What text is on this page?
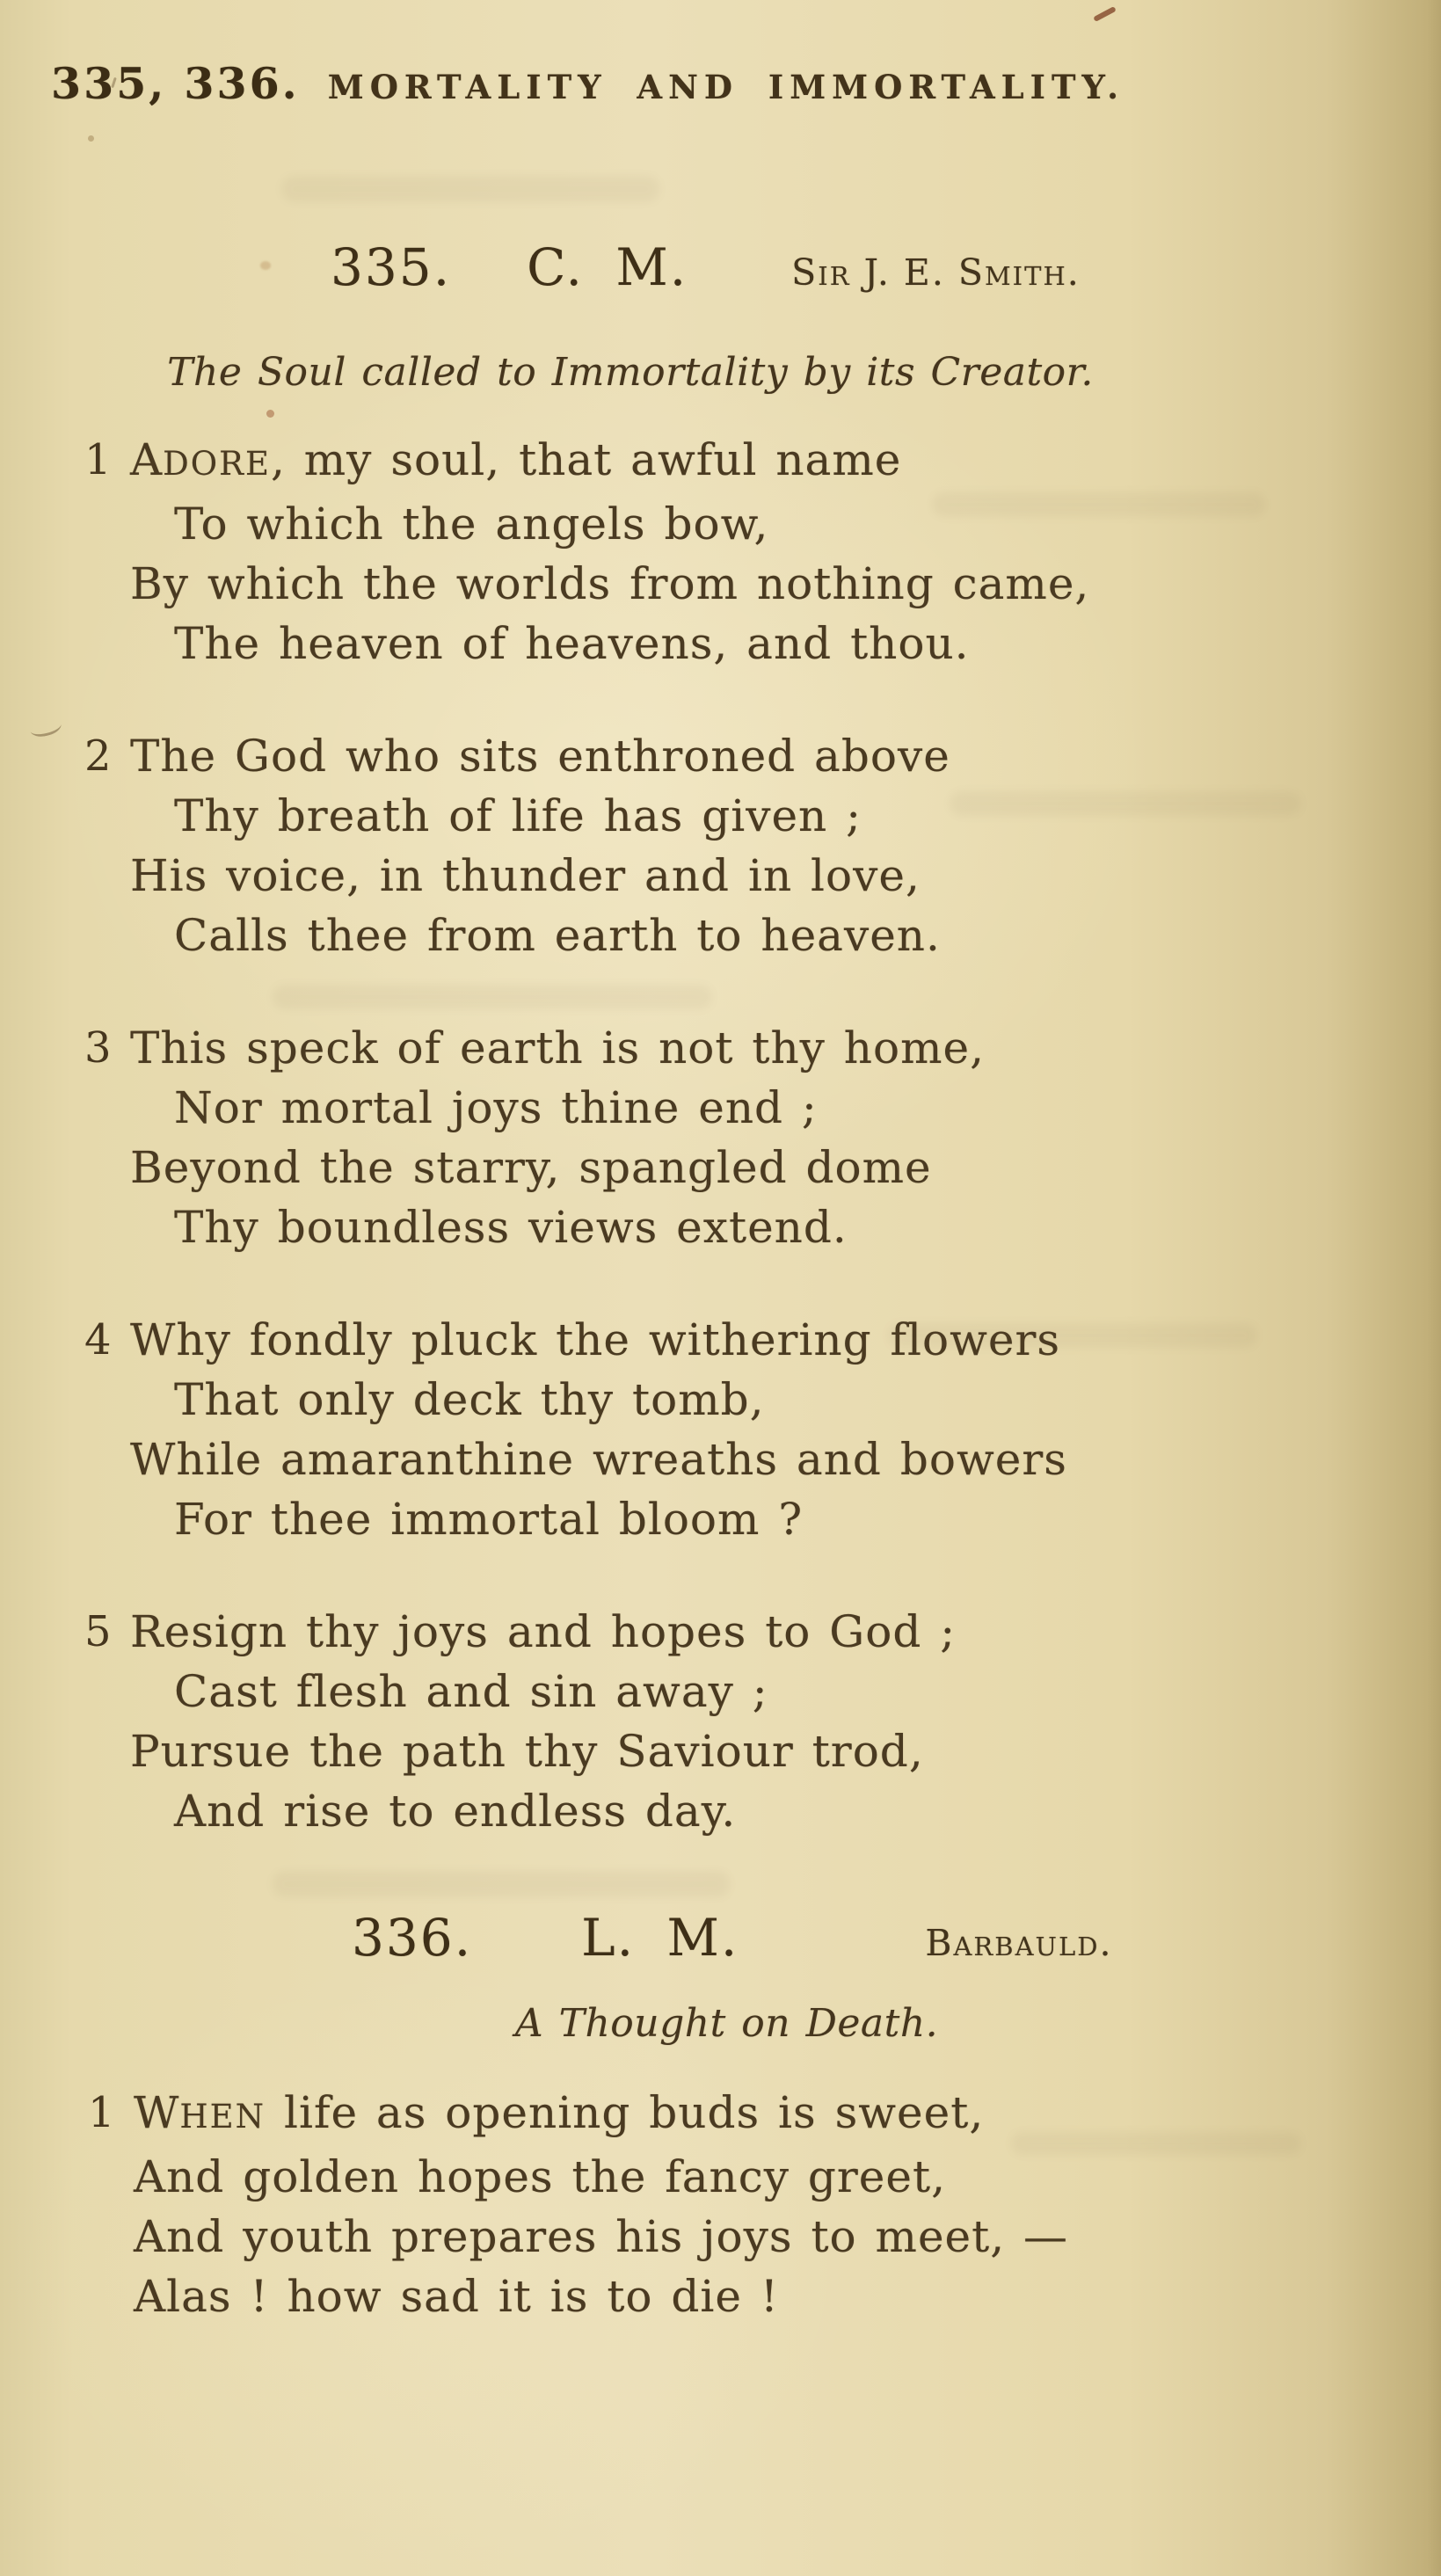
335, 336. MORTALITY AND IMMORTALITY.
335. C. M.	Sir J. E. Smith.
The Soul called to Immortality by its Creator.
1 ADORE, my soul, that awful name
To which the angels bow,
By which the worlds from nothing came,
The heaven of heavens, and thou.
2 The God who sits enthroned above
Thy breath of life has given ;
His voice, in thunder and in love,
Calls thee from earth to heaven.
3 This speck of earth is not thy home,
Nor mortal joys thine end ;
Beyond the starry, spangled dome
Thy boundless views extend.
4 Why fondly pluck the withering flowers
That only deck thy tomb,
While amaranthine wreaths and bowers
For thee immortal bloom ?
5 Resign thy joys and hopes to God ;
Cast flesh and sin away ;
Pursue the path thy Saviour trod,
And rise to endless day.
336. L. M.	Barbauld.
A Thought on Death.
1 WHEN life as opening buds is sweet,
And golden hopes the fancy greet,
And youth prepares his joys to meet, —
Alas ! how sad it is to die !
